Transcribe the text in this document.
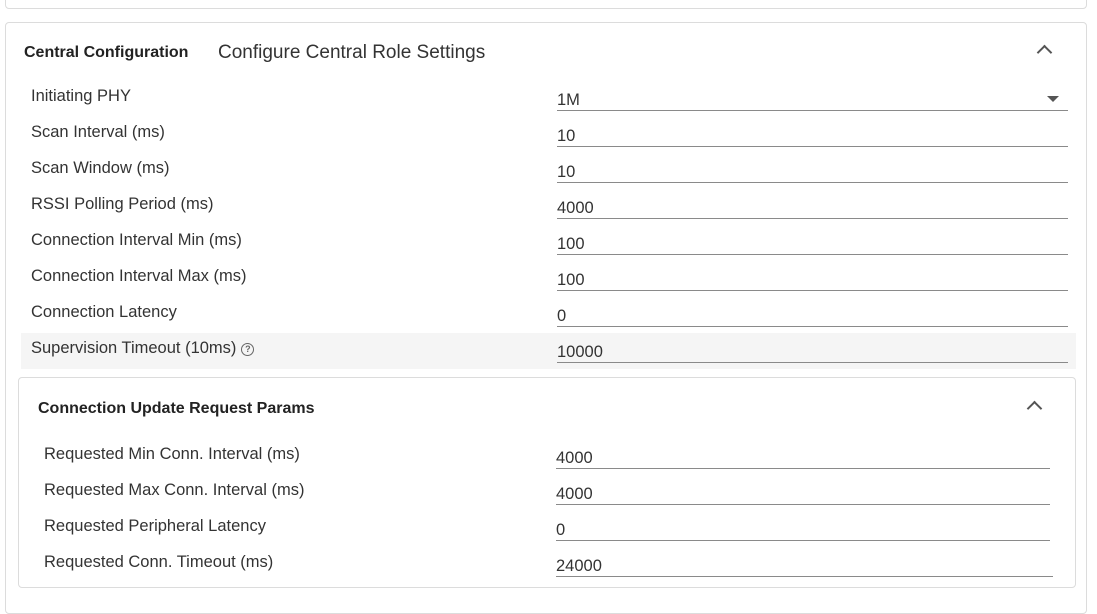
Central Configuration Configure Central Role Settings
Initiating PHY	1M
Scan Interval (ms)	10
Scan Window (ms)	10
RSSI Polling Period (ms)	4000
Connection Interval Min (ms)	100
Connection Interval Max (ms)	100
Connection Latency	0
Supervision Timeout (10ms) ?	10000
Connection Update Request Params
Requested Min Conn. Interval (ms)	4000
Requested Max Conn. Interval (ms)	4000
Requested Peripheral Latency	0
Requested Conn. Timeout (ms)	24000
